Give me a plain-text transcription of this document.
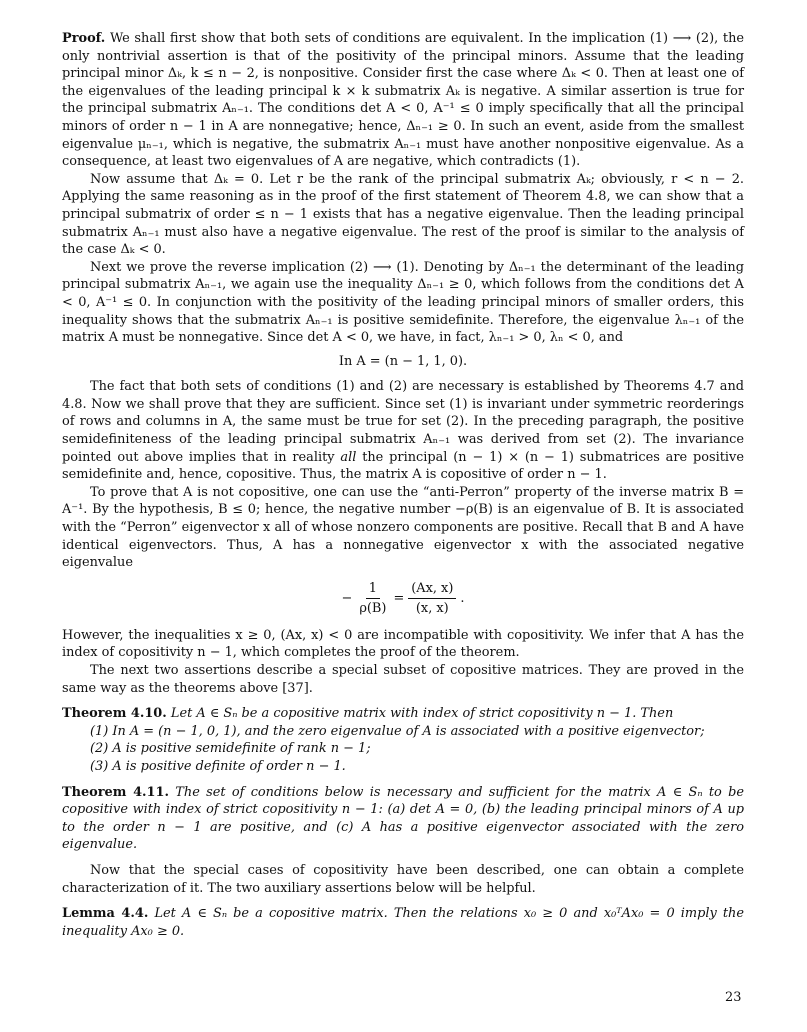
Proof. We shall first show that both sets of conditions are equivalent. In the implication (1) ⟶ (2), the only nontrivial assertion is that of the positivity of the principal minors. Assume that the leading principal minor Δₖ, k ≤ n − 2, is nonpositive. Consider first the case where Δₖ < 0. Then at least one of the eigenvalues of the leading principal k × k submatrix Aₖ is negative. A similar assertion is true for the principal submatrix Aₙ₋₁. The conditions det A < 0, A⁻¹ ≤ 0 imply specifically that all the principal minors of order n − 1 in A are nonnegative; hence, Δₙ₋₁ ≥ 0. In such an event, aside from the smallest eigenvalue μₙ₋₁, which is negative, the submatrix Aₙ₋₁ must have another nonpositive eigenvalue. As a consequence, at least two eigenvalues of A are negative, which contradicts (1).

Now assume that Δₖ = 0. Let r be the rank of the principal submatrix Aₖ; obviously, r < n − 2. Applying the same reasoning as in the proof of the first statement of Theorem 4.8, we can show that a principal submatrix of order ≤ n − 1 exists that has a negative eigenvalue. Then the leading principal submatrix Aₙ₋₁ must also have a negative eigenvalue. The rest of the proof is similar to the analysis of the case Δₖ < 0.

Next we prove the reverse implication (2) ⟶ (1). Denoting by Δₙ₋₁ the determinant of the leading principal submatrix Aₙ₋₁, we again use the inequality Δₙ₋₁ ≥ 0, which follows from the conditions det A < 0, A⁻¹ ≤ 0. In conjunction with the positivity of the leading principal minors of smaller orders, this inequality shows that the submatrix Aₙ₋₁ is positive semidefinite. Therefore, the eigenvalue λₙ₋₁ of the matrix A must be nonnegative. Since det A < 0, we have, in fact, λₙ₋₁ > 0, λₙ < 0, and

In A = (n − 1, 1, 0).

The fact that both sets of conditions (1) and (2) are necessary is established by Theorems 4.7 and 4.8. Now we shall prove that they are sufficient. Since set (1) is invariant under symmetric reorderings of rows and columns in A, the same must be true for set (2). In the preceding paragraph, the positive semidefiniteness of the leading principal submatrix Aₙ₋₁ was derived from set (2). The invariance pointed out above implies that in reality all the principal (n − 1) × (n − 1) submatrices are positive semidefinite and, hence, copositive. Thus, the matrix A is copositive of order n − 1.

To prove that A is not copositive, one can use the “anti-Perron” property of the inverse matrix B = A⁻¹. By the hypothesis, B ≤ 0; hence, the negative number −ρ(B) is an eigenvalue of B. It is associated with the “Perron” eigenvector x all of whose nonzero components are positive. Recall that B and A have identical eigenvectors. Thus, A has a nonnegative eigenvector x with the associated negative eigenvalue

− $\frac{1}{\rho(B)} = \frac{(Ax, x)}{(x, x)}$ .

However, the inequalities x ≥ 0, (Ax, x) < 0 are incompatible with copositivity. We infer that A has the index of copositivity n − 1, which completes the proof of the theorem.

The next two assertions describe a special subset of copositive matrices. They are proved in the same way as the theorems above [37].

Theorem 4.10. Let A ∈ Sₙ be a copositive matrix with index of strict copositivity n − 1. Then

(1) In A = (n − 1, 0, 1), and the zero eigenvalue of A is associated with a positive eigenvector;
(2) A is positive semidefinite of rank n − 1;
(3) A is positive definite of order n − 1.

Theorem 4.11. The set of conditions below is necessary and sufficient for the matrix A ∈ Sₙ to be copositive with index of strict copositivity n − 1: (a) det A = 0, (b) the leading principal minors of A up to the order n − 1 are positive, and (c) A has a positive eigenvector associated with the zero eigenvalue.

Now that the special cases of copositivity have been described, one can obtain a complete characterization of it. The two auxiliary assertions below will be helpful.

Lemma 4.4. Let A ∈ Sₙ be a copositive matrix. Then the relations x₀ ≥ 0 and x₀ᵀAx₀ = 0 imply the inequality Ax₀ ≥ 0.

23
